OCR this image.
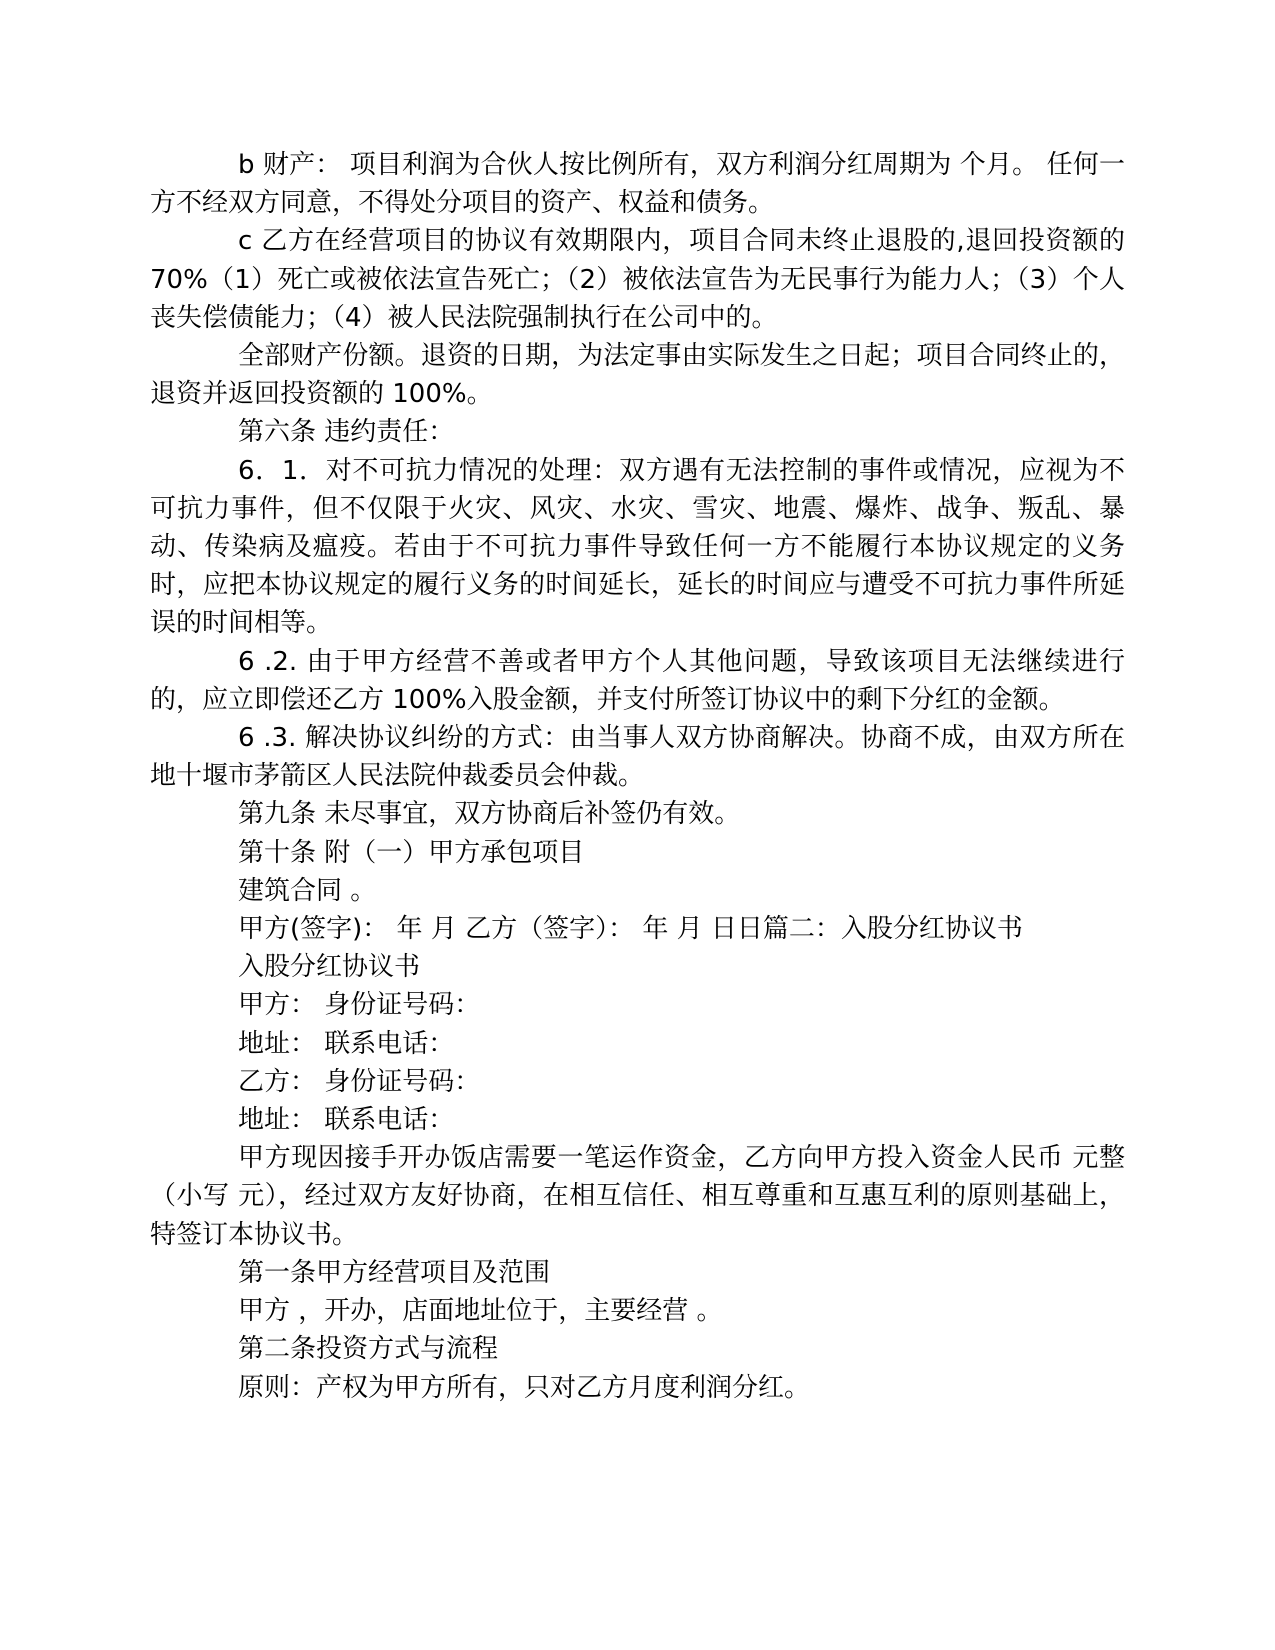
b 财产： 项目利润为合伙人按比例所有，双方利润分红周期为 个月。 任何一方不经双方同意，不得处分项目的资产、权益和债务。

c 乙方在经营项目的协议有效期限内，项目合同未终止退股的,退回投资额的 70%（1）死亡或被依法宣告死亡；（2）被依法宣告为无民事行为能力人；（3）个人丧失偿债能力；（4）被人民法院强制执行在公司中的。

全部财产份额。退资的日期，为法定事由实际发生之日起；项目合同终止的，退资并返回投资额的 100%。

第六条 违约责任：

6．1．对不可抗力情况的处理：双方遇有无法控制的事件或情况，应视为不可抗力事件，但不仅限于火灾、风灾、水灾、雪灾、地震、爆炸、战争、叛乱、暴动、传染病及瘟疫。若由于不可抗力事件导致任何一方不能履行本协议规定的义务时，应把本协议规定的履行义务的时间延长，延长的时间应与遭受不可抗力事件所延误的时间相等。

6 .2. 由于甲方经营不善或者甲方个人其他问题，导致该项目无法继续进行的，应立即偿还乙方 100%入股金额，并支付所签订协议中的剩下分红的金额。

6 .3. 解决协议纠纷的方式：由当事人双方协商解决。协商不成，由双方所在地十堰市茅箭区人民法院仲裁委员会仲裁。

第九条 未尽事宜，双方协商后补签仍有效。

第十条 附（一）甲方承包项目

建筑合同 。

甲方(签字)： 年 月 乙方（签字）： 年 月 日日篇二：入股分红协议书

入股分红协议书

甲方： 身份证号码：

地址： 联系电话：

乙方： 身份证号码：

地址： 联系电话：

甲方现因接手开办饭店需要一笔运作资金，乙方向甲方投入资金人民币 元整 （小写 元），经过双方友好协商，在相互信任、相互尊重和互惠互利的原则基础上，特签订本协议书。

第一条甲方经营项目及范围

甲方 ，开办，店面地址位于，主要经营 。

第二条投资方式与流程

原则：产权为甲方所有，只对乙方月度利润分红。
